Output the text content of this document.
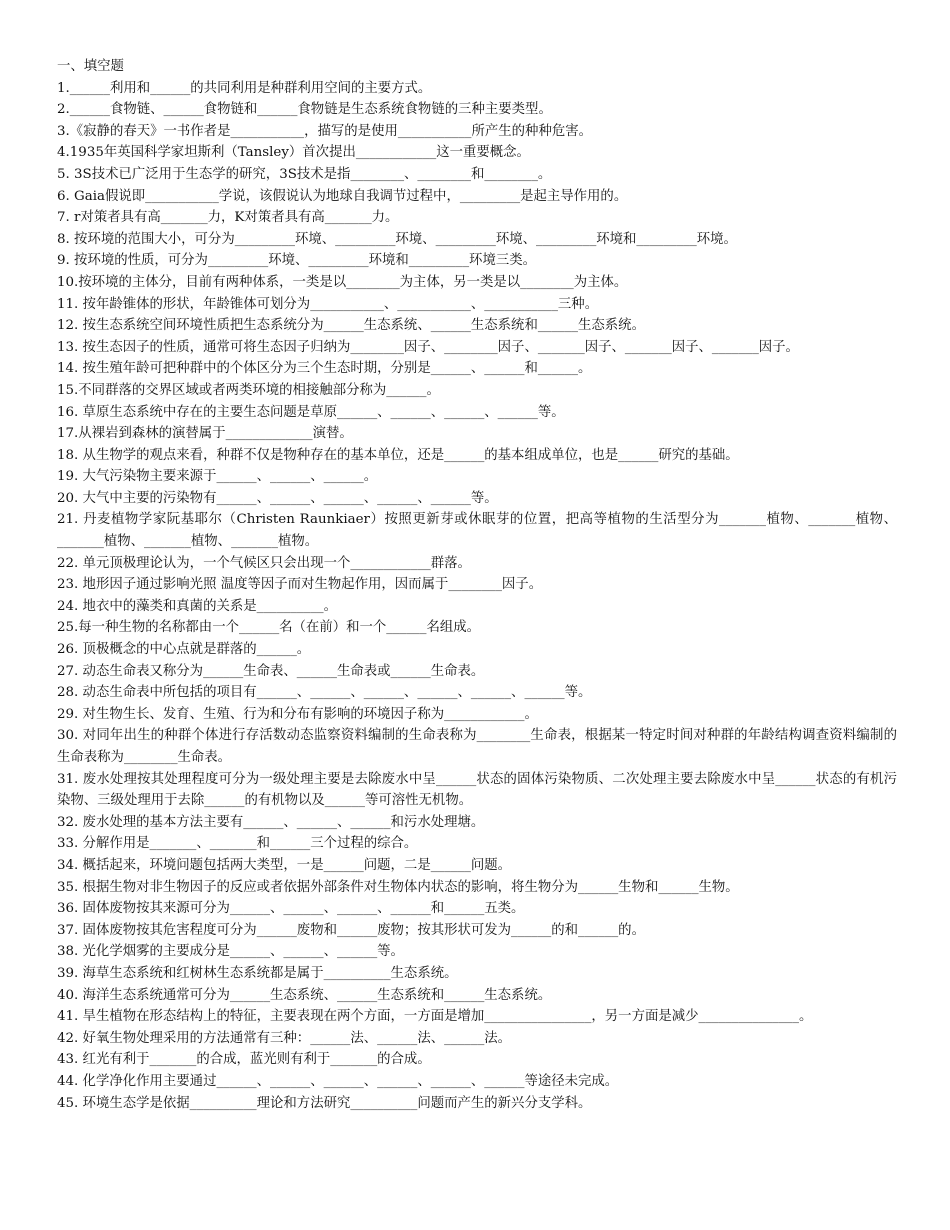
一、填空题

1.______利用和______的共同利用是种群利用空间的主要方式。

2.______食物链、______食物链和______食物链是生态系统食物链的三种主要类型。

3.《寂静的春天》一书作者是___________，描写的是使用___________所产生的种种危害。

4.1935年英国科学家坦斯利（Tansley）首次提出____________这一重要概念。

5. 3S技术已广泛用于生态学的研究，3S技术是指________、________和________。

6. Gaia假说即___________学说，该假说认为地球自我调节过程中，_________是起主导作用的。

7. r对策者具有高_______力，K对策者具有高_______力。

8. 按环境的范围大小，可分为_________环境、_________环境、_________环境、_________环境和_________环境。

9. 按环境的性质，可分为_________环境、_________环境和_________环境三类。

10.按环境的主体分，目前有两种体系，一类是以________为主体，另一类是以________为主体。

11. 按年龄锥体的形状，年龄锥体可划分为___________、___________、___________三种。

12. 按生态系统空间环境性质把生态系统分为______生态系统、______生态系统和______生态系统。

13. 按生态因子的性质，通常可将生态因子归纳为________因子、________因子、_______因子、_______因子、_______因子。

14. 按生殖年龄可把种群中的个体区分为三个生态时期，分别是______、______和______。

15.不同群落的交界区域或者两类环境的相接触部分称为______。

16. 草原生态系统中存在的主要生态问题是草原______、______、______、______等。

17.从裸岩到森林的演替属于_____________演替。

18. 从生物学的观点来看，种群不仅是物种存在的基本单位，还是______的基本组成单位，也是______研究的基础。

19. 大气污染物主要来源于______、______、______。

20. 大气中主要的污染物有______、______、______、______、______等。

21. 丹麦植物学家阮基耶尔（Christen Raunkiaer）按照更新芽或休眠芽的位置，把高等植物的生活型分为_______植物、_______植物、_______植物、_______植物、_______植物。

22. 单元顶极理论认为，一个气候区只会出现一个____________群落。

23. 地形因子通过影响光照 温度等因子而对生物起作用，因而属于________因子。

24. 地衣中的藻类和真菌的关系是__________。

25.每一种生物的名称都由一个______名（在前）和一个______名组成。

26. 顶极概念的中心点就是群落的______。

27. 动态生命表又称分为______生命表、______生命表或______生命表。

28. 动态生命表中所包括的项目有______、______、______、______、______、______等。

29. 对生物生长、发育、生殖、行为和分布有影响的环境因子称为____________。

30. 对同年出生的种群个体进行存活数动态监察资料编制的生命表称为________生命表，根据某一特定时间对种群的年龄结构调查资料编制的生命表称为________生命表。

31. 废水处理按其处理程度可分为一级处理主要是去除废水中呈______状态的固体污染物质、二次处理主要去除废水中呈______状态的有机污染物、三级处理用于去除______的有机物以及______等可溶性无机物。

32. 废水处理的基本方法主要有______、______、______和污水处理塘。

33. 分解作用是_______、_______和______三个过程的综合。

34. 概括起来，环境问题包括两大类型，一是______问题，二是______问题。

35. 根据生物对非生物因子的反应或者依据外部条件对生物体内状态的影响，将生物分为______生物和______生物。

36. 固体废物按其来源可分为______、______、______、______和______五类。

37. 固体废物按其危害程度可分为______废物和______废物；按其形状可发为______的和______的。

38. 光化学烟雾的主要成分是______、______、______等。

39. 海草生态系统和红树林生态系统都是属于__________生态系统。

40. 海洋生态系统通常可分为______生态系统、______生态系统和______生态系统。

41. 旱生植物在形态结构上的特征，主要表现在两个方面，一方面是增加________________，另一方面是减少_______________。

42. 好氧生物处理采用的方法通常有三种：______法、______法、______法。

43. 红光有利于_______的合成，蓝光则有利于_______的合成。

44. 化学净化作用主要通过______、______、______、______、______、______等途径未完成。

45. 环境生态学是依据__________理论和方法研究__________问题而产生的新兴分支学科。
